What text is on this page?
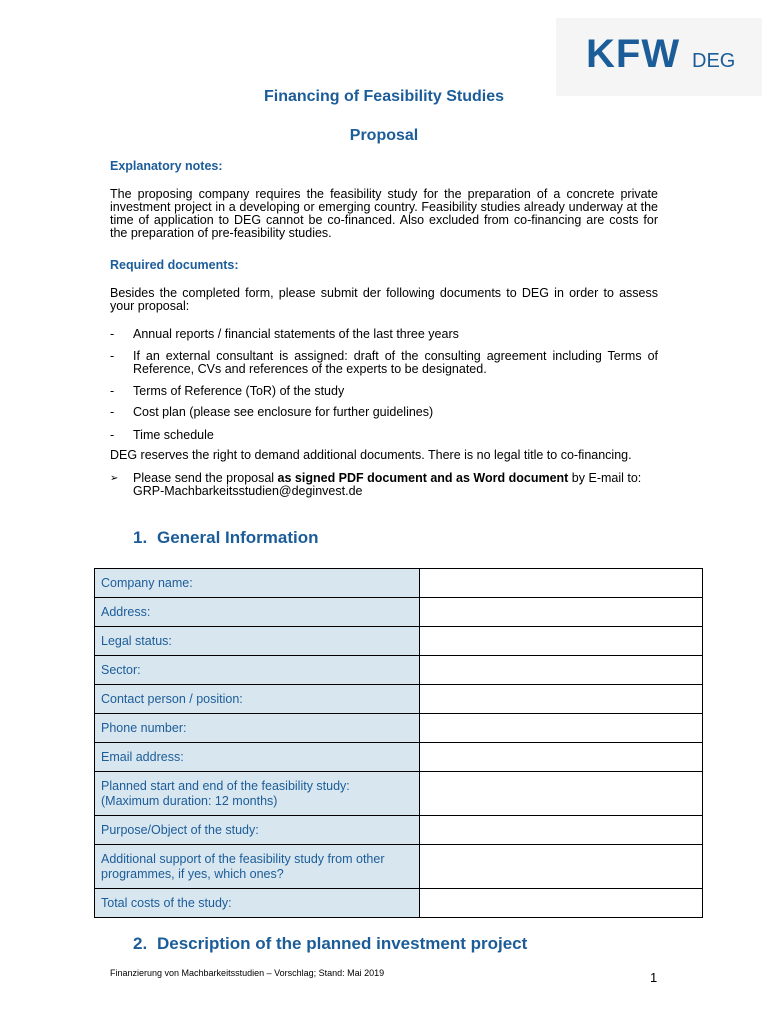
KFW DEG
Financing of Feasibility Studies
Proposal
Explanatory notes:
The proposing company requires the feasibility study for the preparation of a concrete private investment project in a developing or emerging country. Feasibility studies already underway at the time of application to DEG cannot be co-financed. Also excluded from co-financing are costs for the preparation of pre-feasibility studies.
Required documents:
Besides the completed form, please submit der following documents to DEG in order to assess your proposal:
- Annual reports / financial statements of the last three years
- If an external consultant is assigned: draft of the consulting agreement including Terms of Reference, CVs and references of the experts to be designated.
- Terms of Reference (ToR) of the study
- Cost plan (please see enclosure for further guidelines)
- Time schedule
DEG reserves the right to demand additional documents. There is no legal title to co-financing.
➢ Please send the proposal as signed PDF document and as Word document by E-mail to:
GRP-Machbarkeitsstudien@deginvest.de
1. General Information
Company name:	
Address:	
Legal status:	
Sector:	
Contact person / position:	
Phone number:	
Email address:	
Planned start and end of the feasibility study:
(Maximum duration: 12 months)	
Purpose/Object of the study:	
Additional support of the feasibility study from other
programmes, if yes, which ones?	
Total costs of the study:	
2. Description of the planned investment project
Finanzierung von Machbarkeitsstudien – Vorschlag; Stand: Mai 2019	1
